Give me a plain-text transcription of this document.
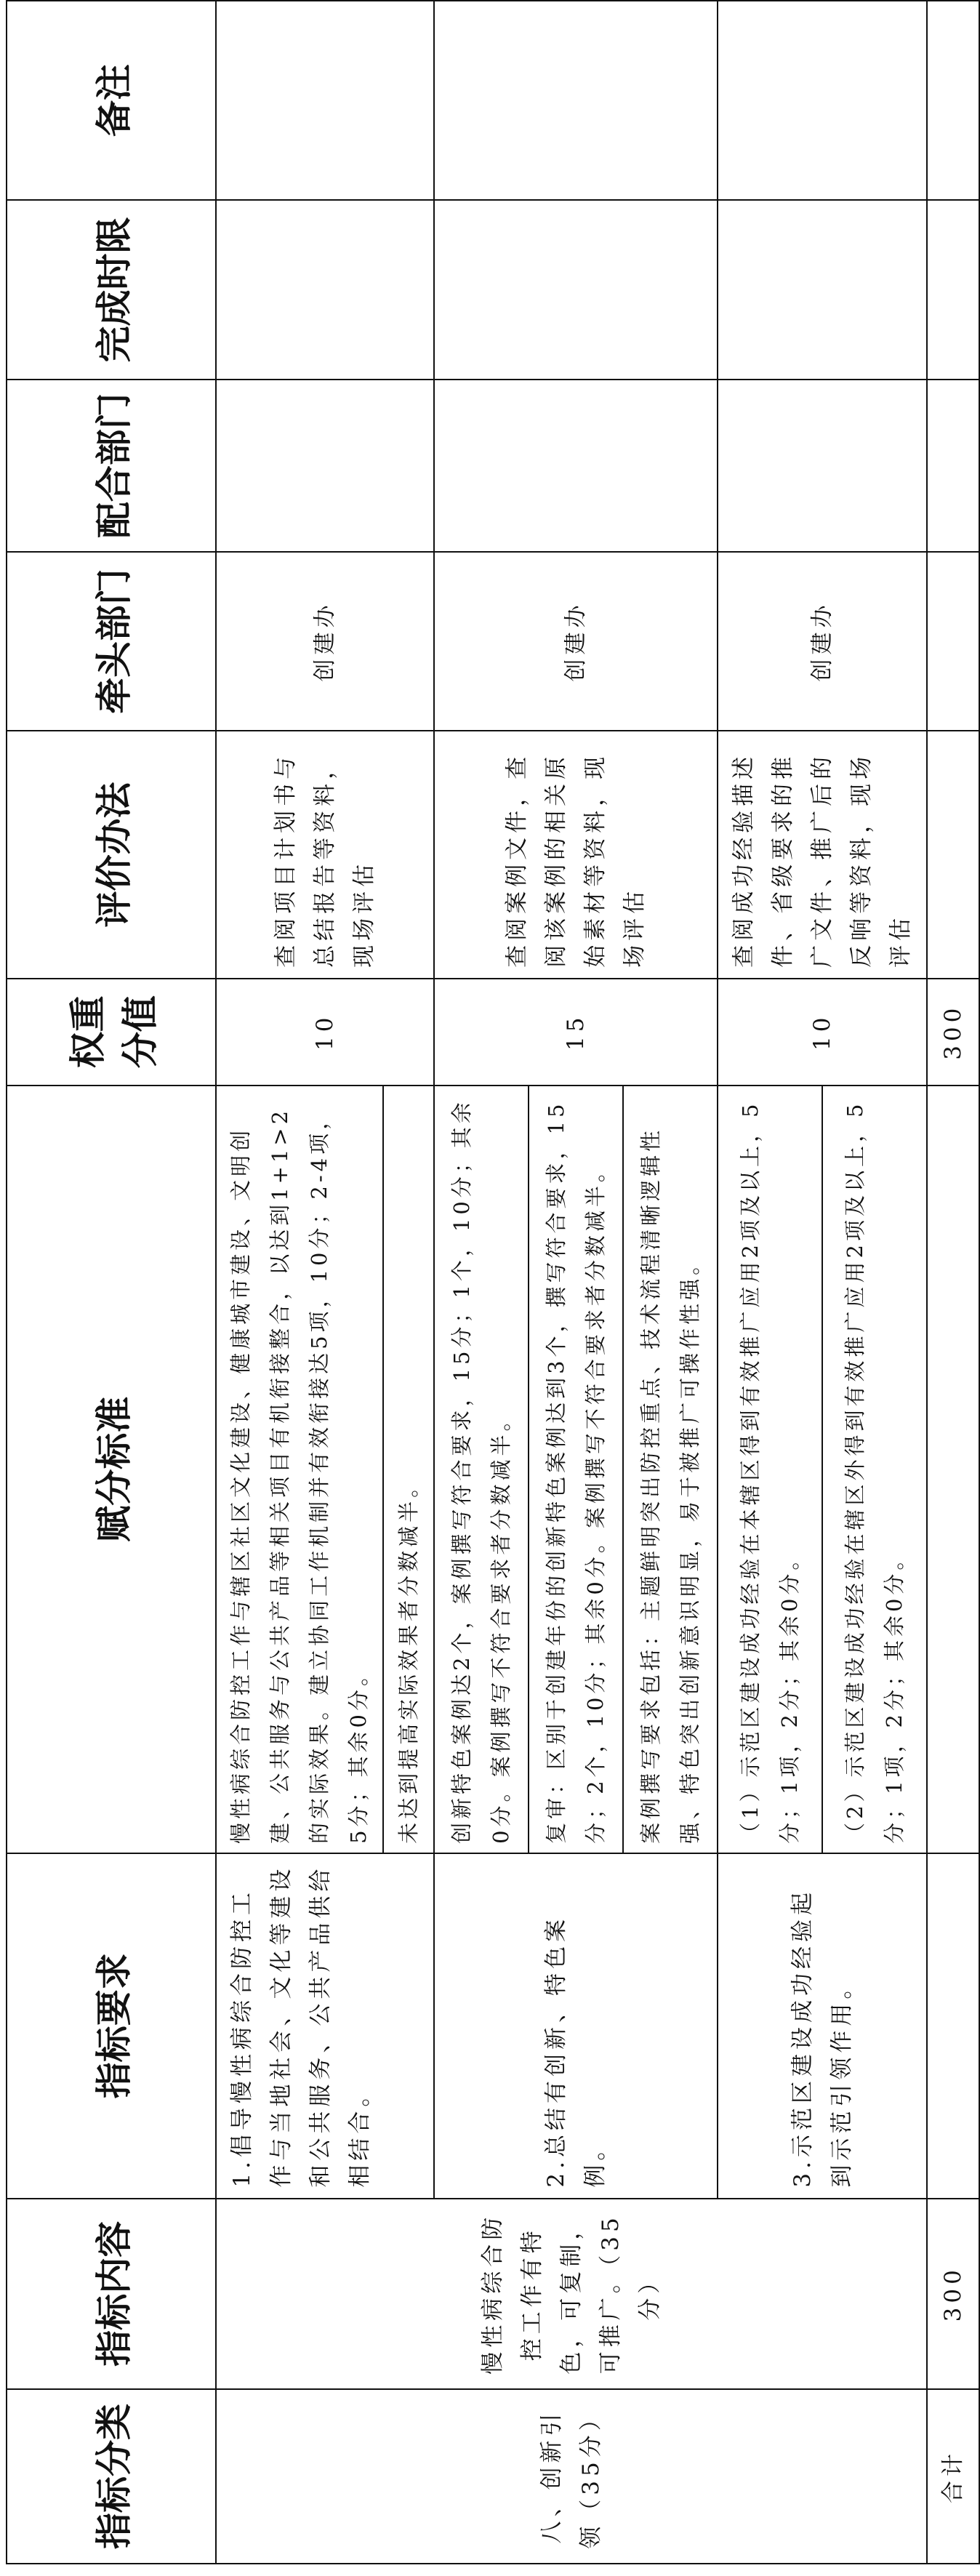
指标分类	指标内容	指标要求	赋分标准	权重分值	评价办法	牵头部门	配合部门	完成时限	备注
八、创新引领（35分）	慢性病综合防控工作有特色，可复制，可推广。（35分）	1.倡导慢性病综合防控工作与当地社会、文化等建设和公共服务、公共产品供给相结合。	慢性病综合防控工作与辖区社区文化建设、健康城市建设、文明创建、公共服务与公共产品等相关项目有机衔接整合，以达到1+1>2的实际效果。建立协同工作机制并有效衔接达5项，10分；2-4项，5分；其余0分。	10	查阅项目计划书与总结报告等资料，现场评估	创建办			
			未达到提高实际效果者分数减半。						
		2.总结有创新、特色案例。	创新特色案例达2个，案例撰写符合要求，15分；1个，10分；其余0分。案例撰写不符合要求者分数减半。	15	查阅案例文件，查阅该案例的相关原始素材等资料，现场评估	创建办			
			复审：区别于创建年份的创新特色案例达到3个，撰写符合要求，15分；2个，10分；其余0分。案例撰写不符合要求者分数减半。						
			案例撰写要求包括：主题鲜明突出防控重点、技术流程清晰逻辑性强、特色突出创新意识明显，易于被推广可操作性强。						
		3.示范区建设成功经验起到示范引领作用。	（1）示范区建设成功经验在本辖区得到有效推广应用2项及以上，5分；1项，2分；其余0分。	10	查阅成功经验描述件、省级要求的推广文件、推广后的反响等资料，现场评估	创建办			
			（2）示范区建设成功经验在辖区外得到有效推广应用2项及以上，5分；1项，2分；其余0分。						
合计	300			300					
